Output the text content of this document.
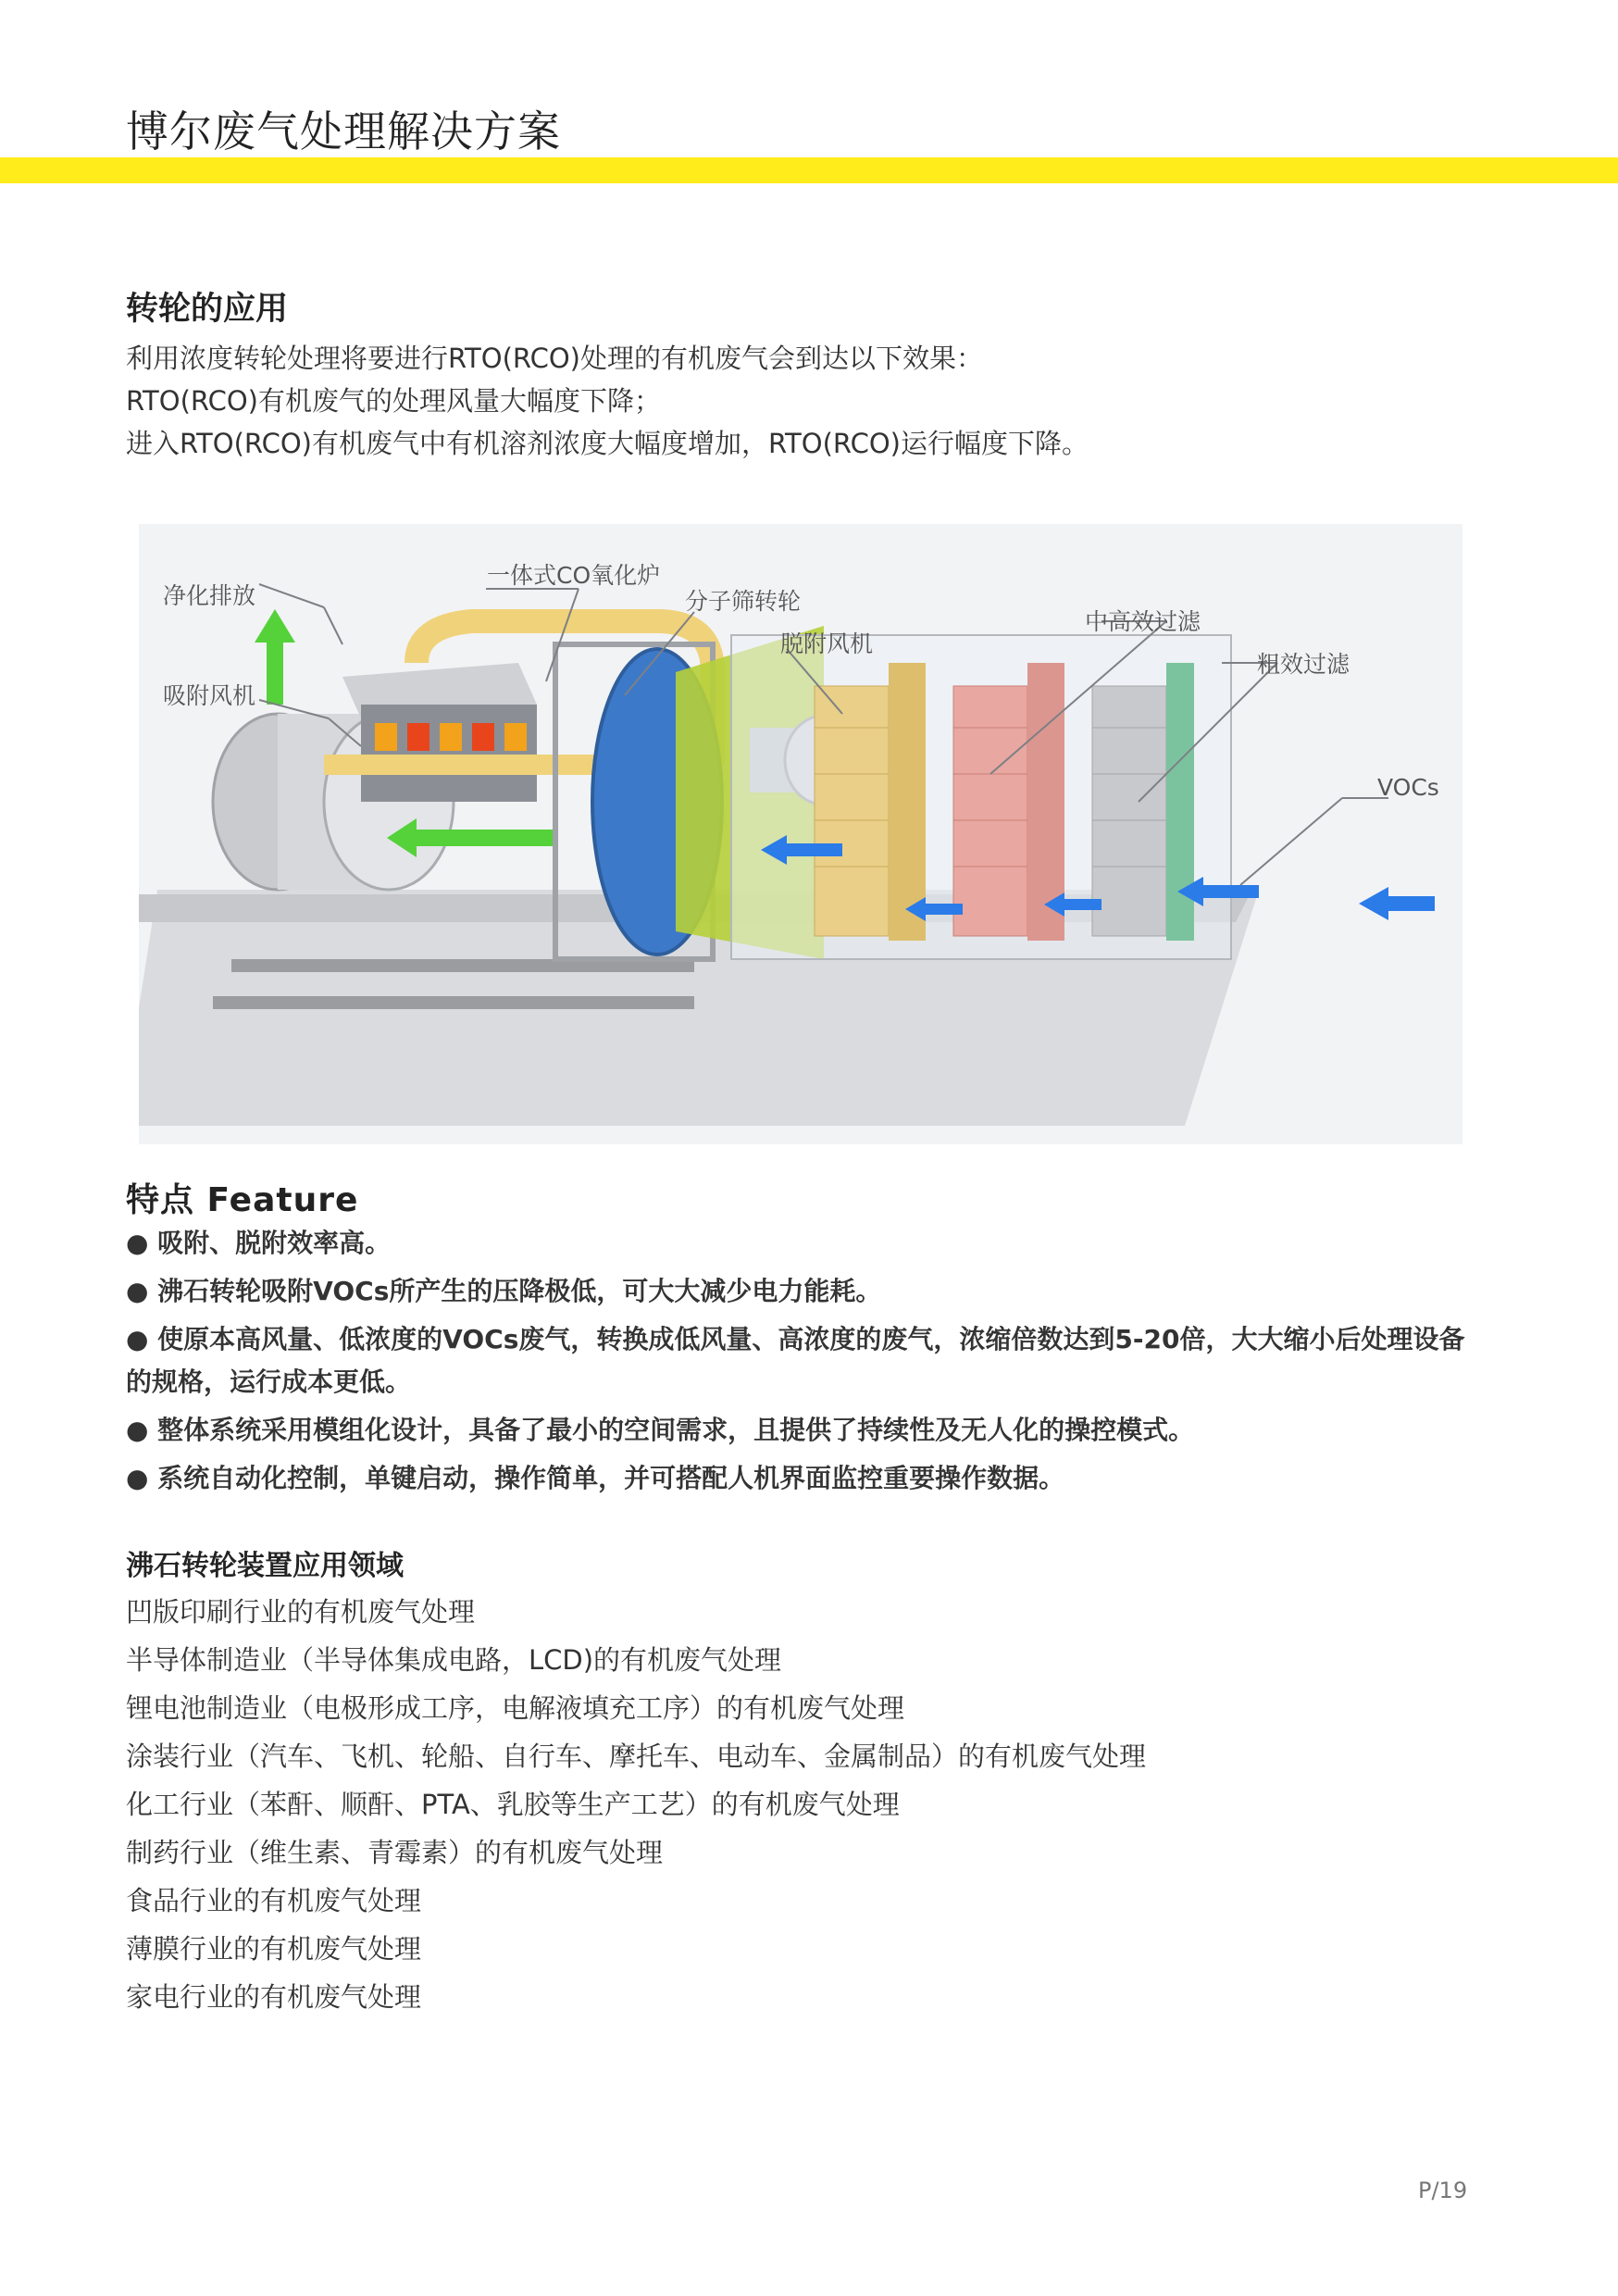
博尔废气处理解决方案
转轮的应用
利用浓度转轮处理将要进行RTO(RCO)处理的有机废气会到达以下效果：
RTO(RCO)有机废气的处理风量大幅度下降；
进入RTO(RCO)有机废气中有机溶剂浓度大幅度增加，RTO(RCO)运行幅度下降。
净化排放
吸附风机
一体式CO氧化炉
分子筛转轮
脱附风机
中高效过滤
粗效过滤
VOCs
特点 Feature
● 吸附、脱附效率高。
● 沸石转轮吸附VOCs所产生的压降极低，可大大减少电力能耗。
● 使原本高风量、低浓度的VOCs废气，转换成低风量、高浓度的废气，浓缩倍数达到5-20倍，大大缩小后处理设备的规格，运行成本更低。
● 整体系统采用模组化设计，具备了最小的空间需求，且提供了持续性及无人化的操控模式。
● 系统自动化控制，单键启动，操作简单，并可搭配人机界面监控重要操作数据。
沸石转轮装置应用领域
凹版印刷行业的有机废气处理
半导体制造业（半导体集成电路，LCD)的有机废气处理
锂电池制造业（电极形成工序，电解液填充工序）的有机废气处理
涂装行业（汽车、飞机、轮船、自行车、摩托车、电动车、金属制品）的有机废气处理
化工行业（苯酐、顺酐、PTA、乳胶等生产工艺）的有机废气处理
制药行业（维生素、青霉素）的有机废气处理
食品行业的有机废气处理
薄膜行业的有机废气处理
家电行业的有机废气处理
P/19
